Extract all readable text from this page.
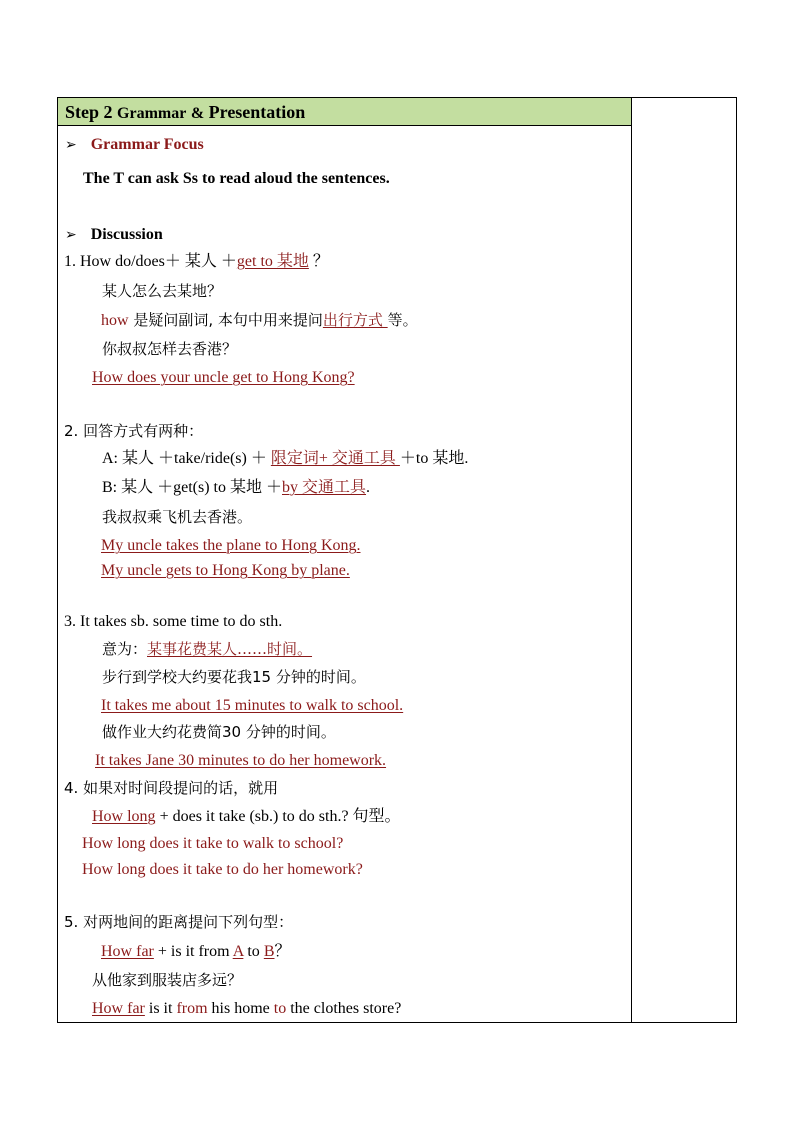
Step 2 Grammar & Presentation
➢ Grammar Focus
The T can ask Ss to read aloud the sentences.
➢ Discussion
1. How do/does＋ 某人 ＋get to 某地 ？
某人怎么去某地？
how 是疑问副词, 本句中用来提问出行方式 等。
你叔叔怎样去香港？
How does your uncle get to Hong Kong?
2. 回答方式有两种：
A: 某人 ＋take/ride(s) ＋ 限定词+ 交通工具 ＋to 某地.
B: 某人 ＋get(s) to 某地 ＋by 交通工具.
我叔叔乘飞机去香港。
My uncle takes the plane to Hong Kong.
My uncle gets to Hong Kong by plane.
3. It takes sb. some time to do sth.
意为：某事花费某人……时间。
步行到学校大约要花我15 分钟的时间。
It takes me about 15 minutes to walk to school.
做作业大约花费简30 分钟的时间。
It takes Jane 30 minutes to do her homework.
4. 如果对时间段提问的话，就用
How long + does it take (sb.) to do sth.? 句型。
How long does it take to walk to school?
How long does it take to do her homework?
5. 对两地间的距离提问下列句型：
How far + is it from A to B？
从他家到服装店多远？
How far is it from his home to the clothes store?
